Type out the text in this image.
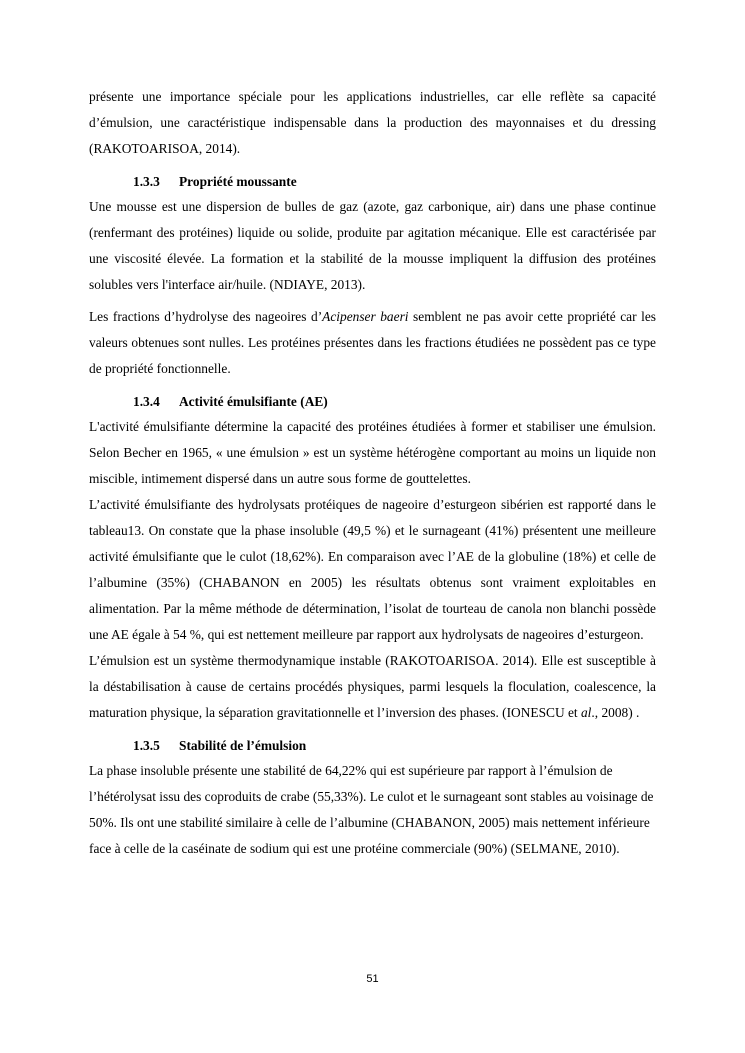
présente une importance spéciale pour les applications industrielles, car elle reflète sa capacité d’émulsion, une caractéristique indispensable dans la production des mayonnaises et du dressing (RAKOTOARISOA, 2014).

1.3.3 Propriété moussante

Une mousse est une dispersion de bulles de gaz (azote, gaz carbonique, air) dans une phase continue (renfermant des protéines) liquide ou solide, produite par agitation mécanique. Elle est caractérisée par une viscosité élevée. La formation et la stabilité de la mousse impliquent la diffusion des protéines solubles vers l'interface air/huile. (NDIAYE, 2013).

Les fractions d’hydrolyse des nageoires d’Acipenser baeri semblent ne pas avoir cette propriété car les valeurs obtenues sont nulles. Les protéines présentes dans les fractions étudiées ne possèdent pas ce type de propriété fonctionnelle.

1.3.4 Activité émulsifiante (AE)

L'activité émulsifiante détermine la capacité des protéines étudiées à former et stabiliser une émulsion. Selon Becher en 1965, « une émulsion » est un système hétérogène comportant au moins un liquide non miscible, intimement dispersé dans un autre sous forme de gouttelettes.

L’activité émulsifiante des hydrolysats protéiques de nageoire d’esturgeon sibérien est rapporté dans le tableau13. On constate que la phase insoluble (49,5 %) et le surnageant (41%) présentent une meilleure activité émulsifiante que le culot (18,62%). En comparaison avec l’AE de la globuline (18%) et celle de l’albumine (35%) (CHABANON en 2005) les résultats obtenus sont vraiment exploitables en alimentation. Par la même méthode de détermination, l’isolat de tourteau de canola non blanchi possède une AE égale à 54 %, qui est nettement meilleure par rapport aux hydrolysats de nageoires d’esturgeon.

L’émulsion est un système thermodynamique instable (RAKOTOARISOA. 2014). Elle est susceptible à la déstabilisation à cause de certains procédés physiques, parmi lesquels la floculation, coalescence, la maturation physique, la séparation gravitationnelle et l’inversion des phases. (IONESCU et al., 2008) .

1.3.5 Stabilité de l’émulsion

La phase insoluble présente une stabilité de 64,22% qui est supérieure par rapport à l’émulsion de l’hétérolysat issu des coproduits de crabe (55,33%). Le culot et le surnageant sont stables au voisinage de 50%. Ils ont une stabilité similaire à celle de l’albumine (CHABANON, 2005) mais nettement inférieure face à celle de la caséinate de sodium qui est une protéine commerciale (90%) (SELMANE, 2010).

51
